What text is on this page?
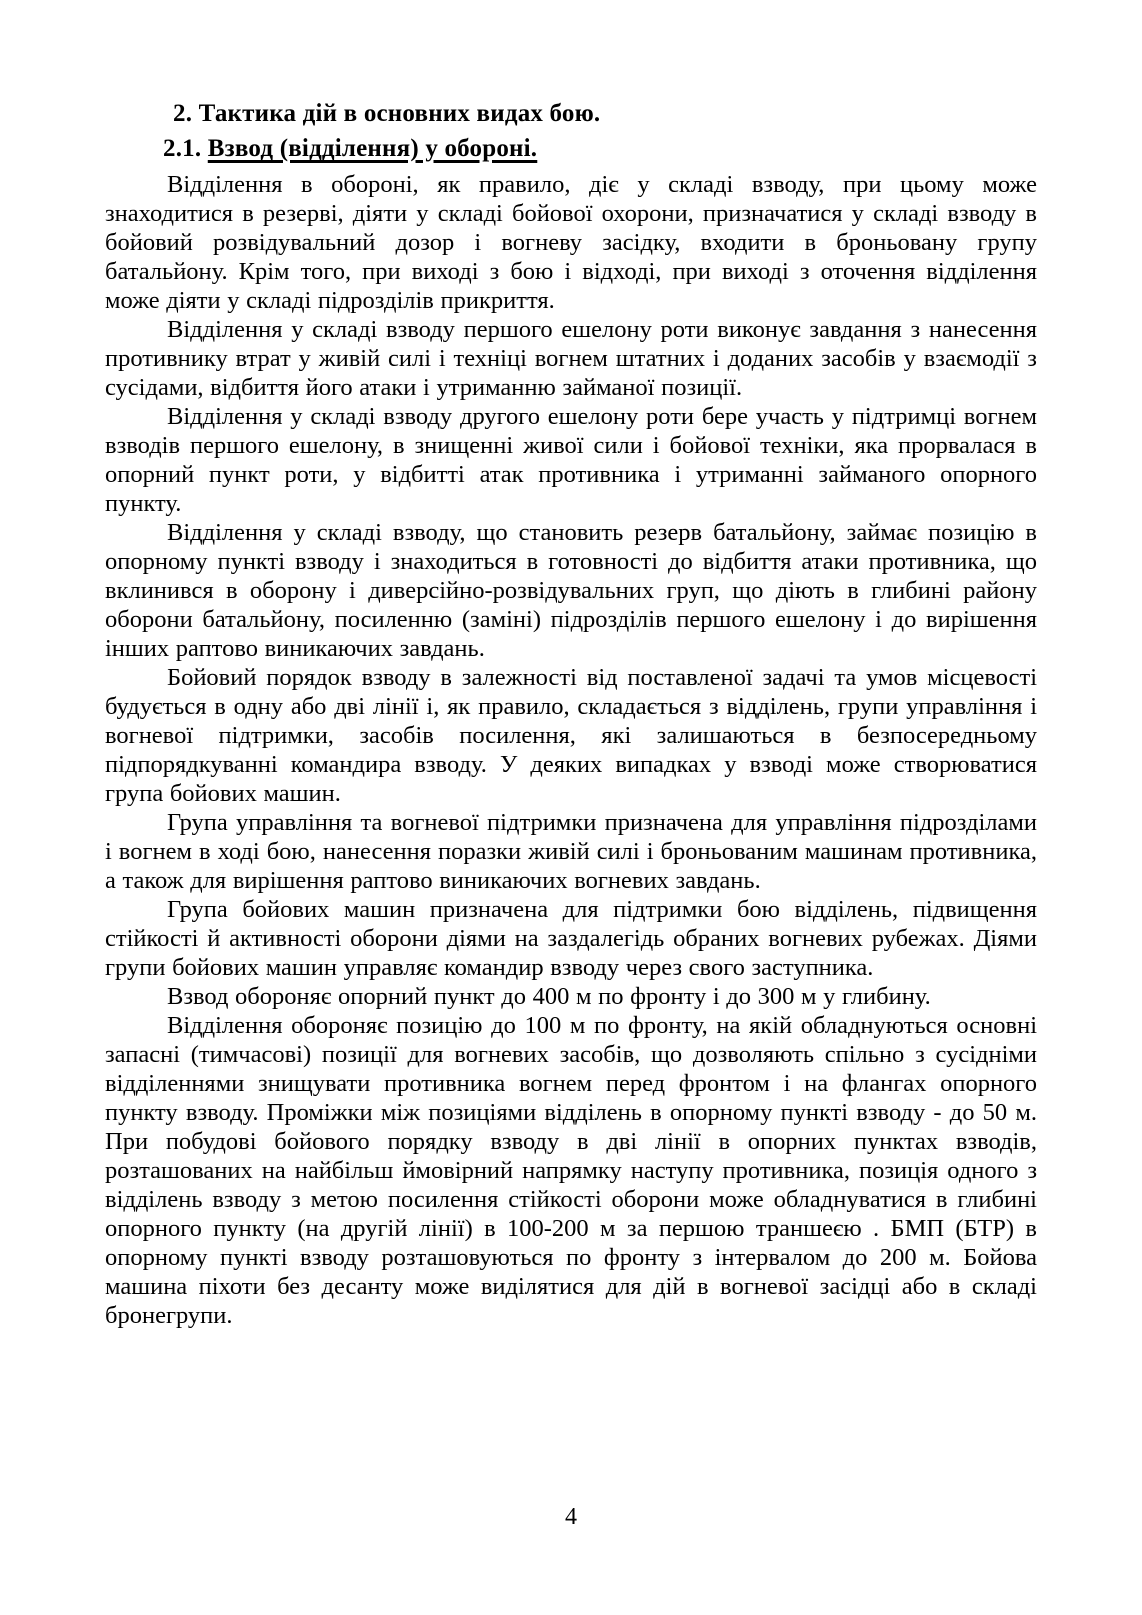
2. Тактика дій в основних видах бою.
2.1. Взвод (відділення) у обороні.

Відділення в обороні, як правило, діє у складі взводу, при цьому може знаходитися в резерві, діяти у складі бойової охорони, призначатися у складі взводу в бойовий розвідувальний дозор і вогневу засідку, входити в броньовану групу батальйону. Крім того, при виході з бою і відході, при виході з оточення відділення може діяти у складі підрозділів прикриття.

Відділення у складі взводу першого ешелону роти виконує завдання з нанесення противнику втрат у живій силі і техніці вогнем штатних і доданих засобів у взаємодії з сусідами, відбиття його атаки і утриманню займаної позиції.

Відділення у складі взводу другого ешелону роти бере участь у підтримці вогнем взводів першого ешелону, в знищенні живої сили і бойової техніки, яка прорвалася в опорний пункт роти, у відбитті атак противника і утриманні займаного опорного пункту.

Відділення у складі взводу, що становить резерв батальйону, займає позицію в опорному пункті взводу і знаходиться в готовності до відбиття атаки противника, що вклинився в оборону і диверсійно-розвідувальних груп, що діють в глибині району оборони батальйону, посиленню (заміні) підрозділів першого ешелону і до вирішення інших раптово виникаючих завдань.

Бойовий порядок взводу в залежності від поставленої задачі та умов місцевості будується в одну або дві лінії і, як правило, складається з відділень, групи управління і вогневої підтримки, засобів посилення, які залишаються в безпосередньому підпорядкуванні командира взводу. У деяких випадках у взводі може створюватися група бойових машин.

Група управління та вогневої підтримки призначена для управління підрозділами і вогнем в ході бою, нанесення поразки живій силі і броньованим машинам противника, а також для вирішення раптово виникаючих вогневих завдань.

Група бойових машин призначена для підтримки бою відділень, підвищення стійкості й активності оборони діями на заздалегідь обраних вогневих рубежах. Діями групи бойових машин управляє командир взводу через свого заступника.

Взвод обороняє опорний пункт до 400 м по фронту і до 300 м у глибину.

Відділення обороняє позицію до 100 м по фронту, на якій обладнуються основні запасні (тимчасові) позиції для вогневих засобів, що дозволяють спільно з сусідніми відділеннями знищувати противника вогнем перед фронтом і на флангах опорного пункту взводу. Проміжки між позиціями відділень в опорному пункті взводу - до 50 м. При побудові бойового порядку взводу в дві лінії в опорних пунктах взводів, розташованих на найбільш ймовірний напрямку наступу противника, позиція одного з відділень взводу з метою посилення стійкості оборони може обладнуватися в глибині опорного пункту (на другій лінії) в 100-200 м за першою траншеєю . БМП (БТР) в опорному пункті взводу розташовуються по фронту з інтервалом до 200 м. Бойова машина піхоти без десанту може виділятися для дій в вогневої засідці або в складі бронегрупи.

4
